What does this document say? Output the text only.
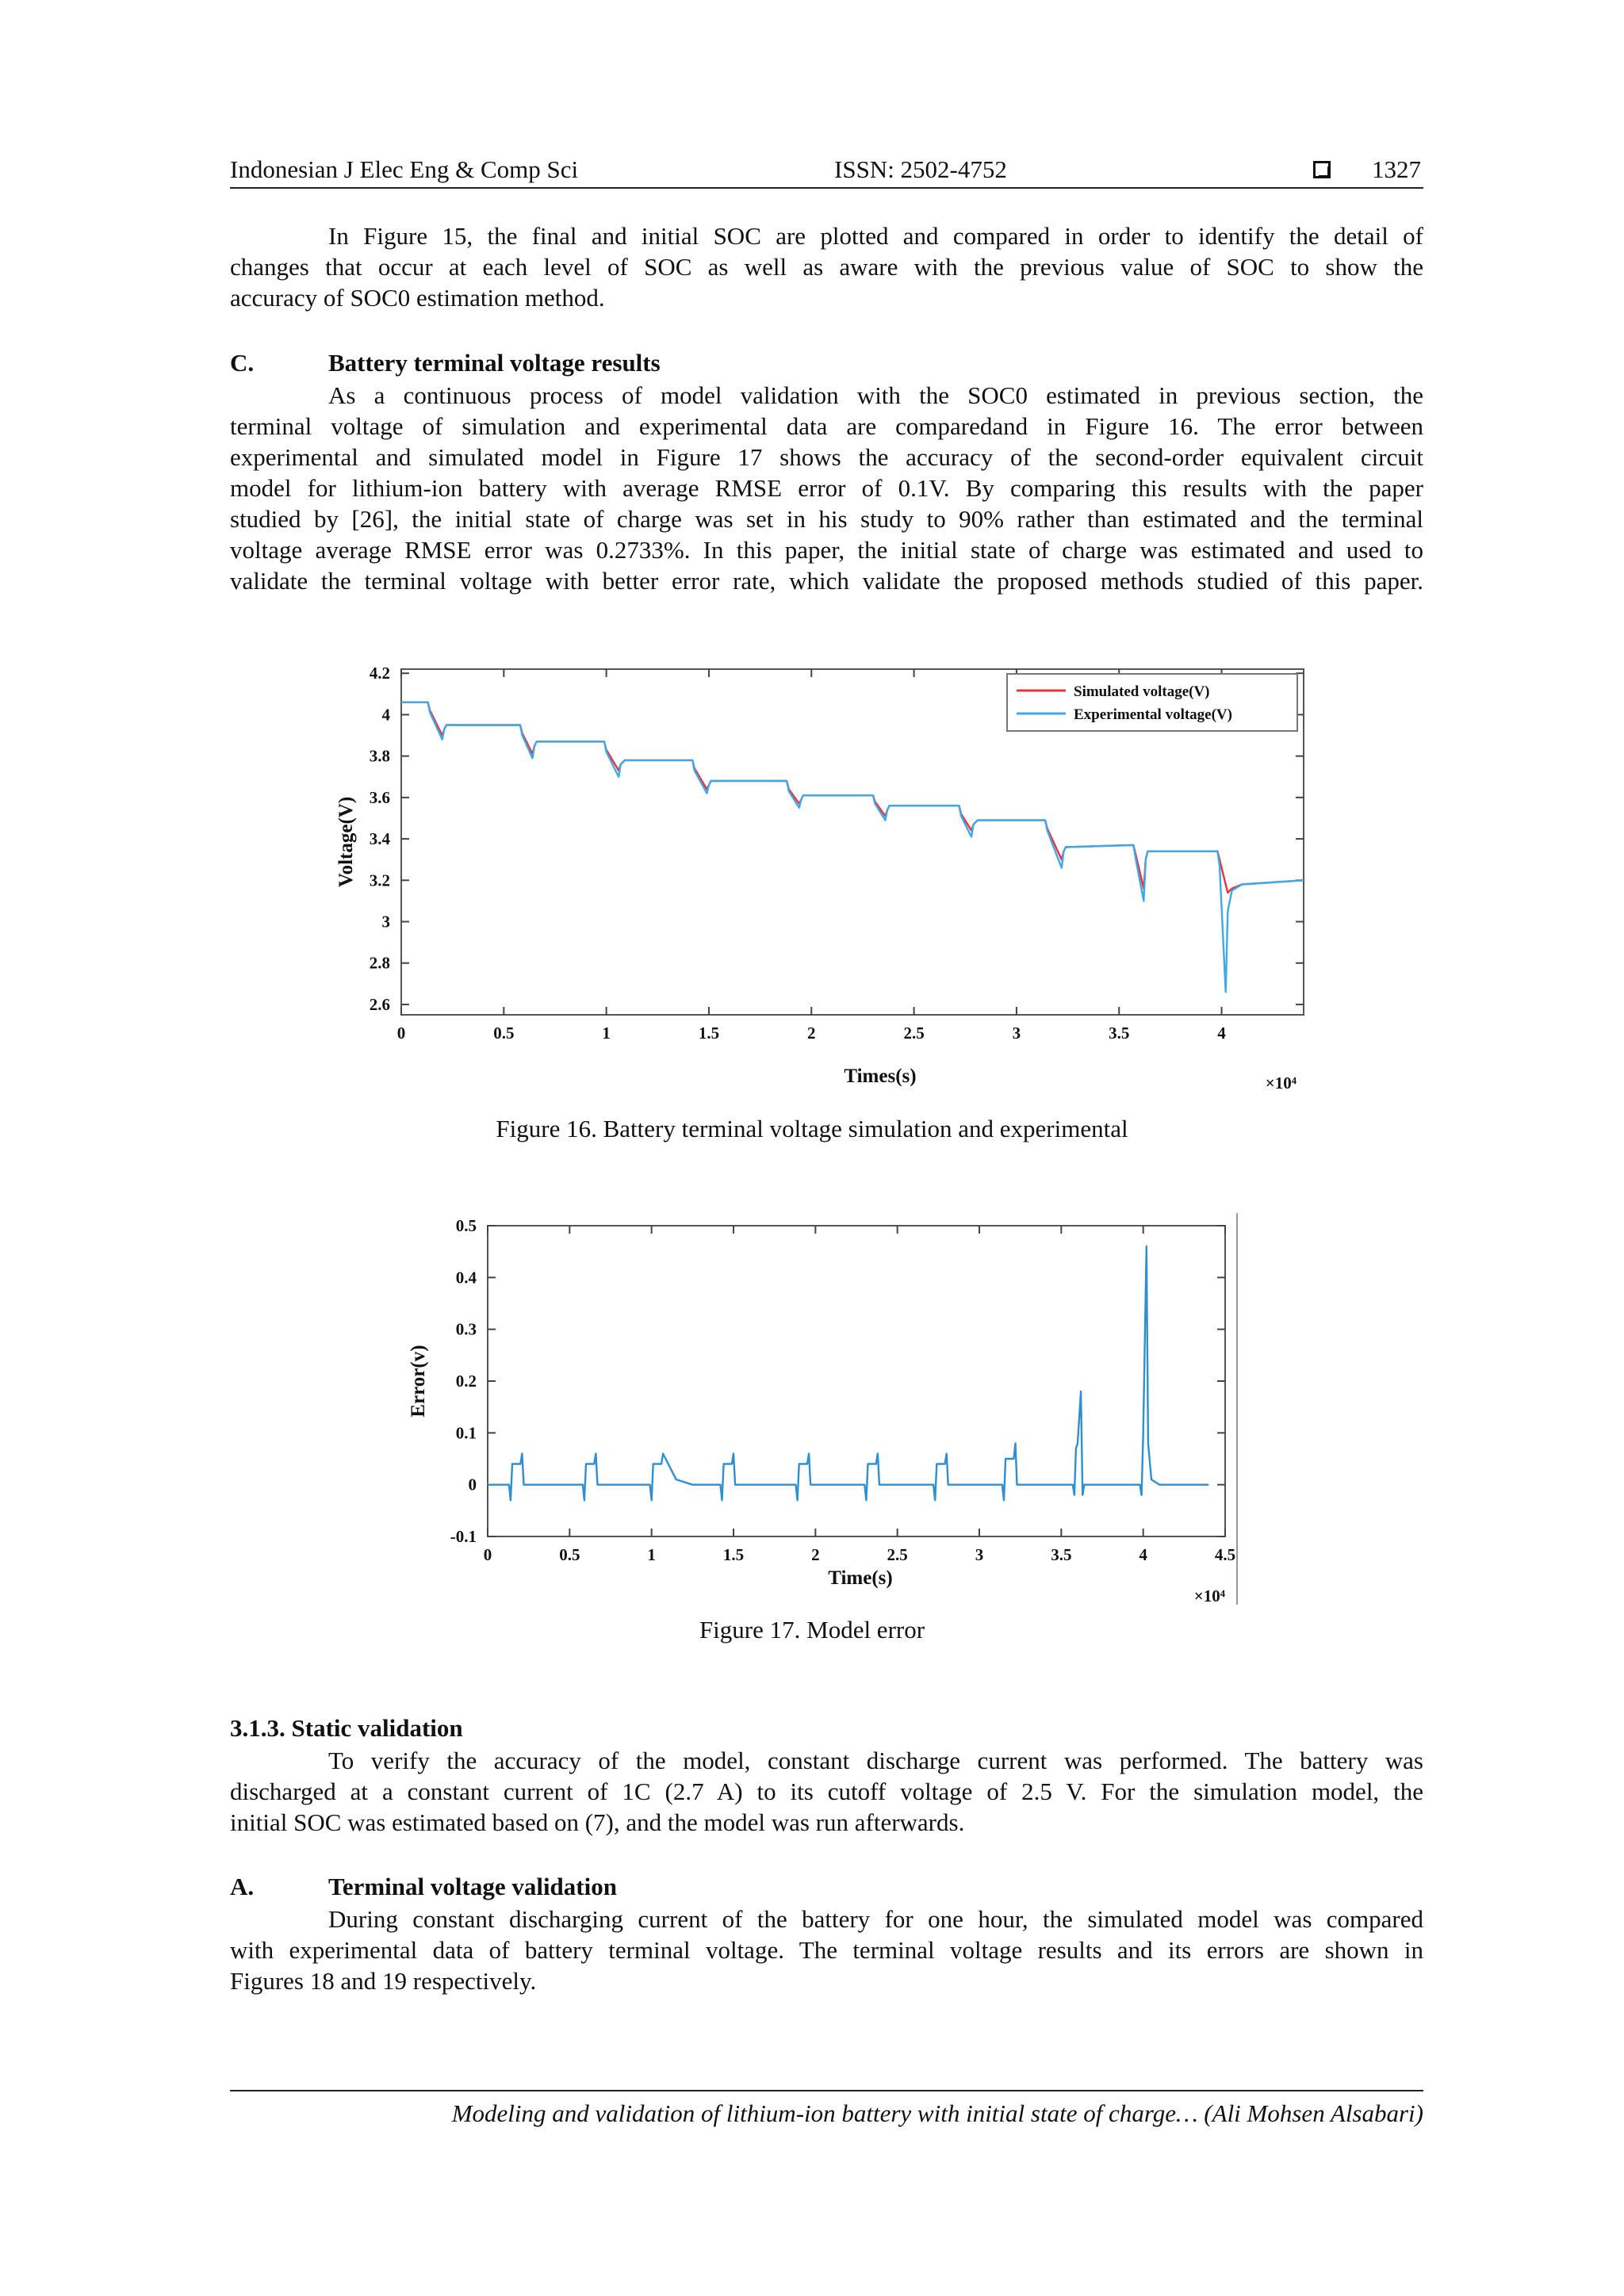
Indonesian J Elec Eng & Comp Sci	ISSN: 2502-4752	1327
In Figure 15, the final and initial SOC are plotted and compared in order to identify the detail of
changes that occur at each level of SOC as well as aware with the previous value of SOC to show the
accuracy of SOC0 estimation method.
C.	Battery terminal voltage results
As a continuous process of model validation with the SOC0 estimated in previous section, the
terminal voltage of simulation and experimental data are comparedand in Figure 16. The error between
experimental and simulated model in Figure 17 shows the accuracy of the second-order equivalent circuit
model for lithium-ion battery with average RMSE error of 0.1V. By comparing this results with the paper
studied by [26], the initial state of charge was set in his study to 90% rather than estimated and the terminal
voltage average RMSE error was 0.2733%. In this paper, the initial state of charge was estimated and used to
validate the terminal voltage with better error rate, which validate the proposed methods studied of this paper.
4.2
4
3.8
3.6
3.4
3.2
3
2.8
2.6
0	0.5	1	1.5	2	2.5	3	3.5	4
Simulated voltage(V)
Experimental voltage(V)
Times(s)
Voltage(V)
×10⁴
Figure 16. Battery terminal voltage simulation and experimental
0.5
0.4
0.3
0.2
0.1
0
-0.1
0	0.5	1	1.5	2	2.5	3	3.5	4	4.5
Time(s)
Error(v)
×10⁴
Figure 17. Model error
3.1.3. Static validation
To verify the accuracy of the model, constant discharge current was performed. The battery was
discharged at a constant current of 1C (2.7 A) to its cutoff voltage of 2.5 V. For the simulation model, the
initial SOC was estimated based on (7), and the model was run afterwards.
A.	Terminal voltage validation
During constant discharging current of the battery for one hour, the simulated model was compared
with experimental data of battery terminal voltage. The terminal voltage results and its errors are shown in
Figures 18 and 19 respectively.
Modeling and validation of lithium-ion battery with initial state of charge… (Ali Mohsen Alsabari)
